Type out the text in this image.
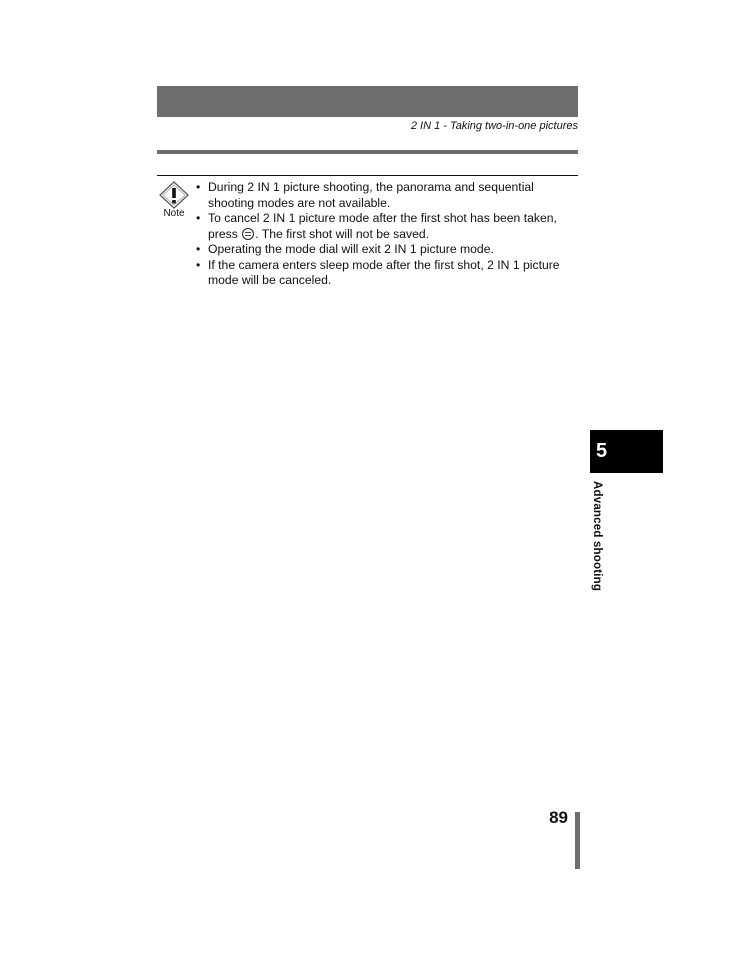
2 IN 1 - Taking two-in-one pictures
Note
• During 2 IN 1 picture shooting, the panorama and sequential shooting modes are not available.
• To cancel 2 IN 1 picture mode after the first shot has been taken, press . The first shot will not be saved.
• Operating the mode dial will exit 2 IN 1 picture mode.
• If the camera enters sleep mode after the first shot, 2 IN 1 picture mode will be canceled.
5
Advanced shooting
89
